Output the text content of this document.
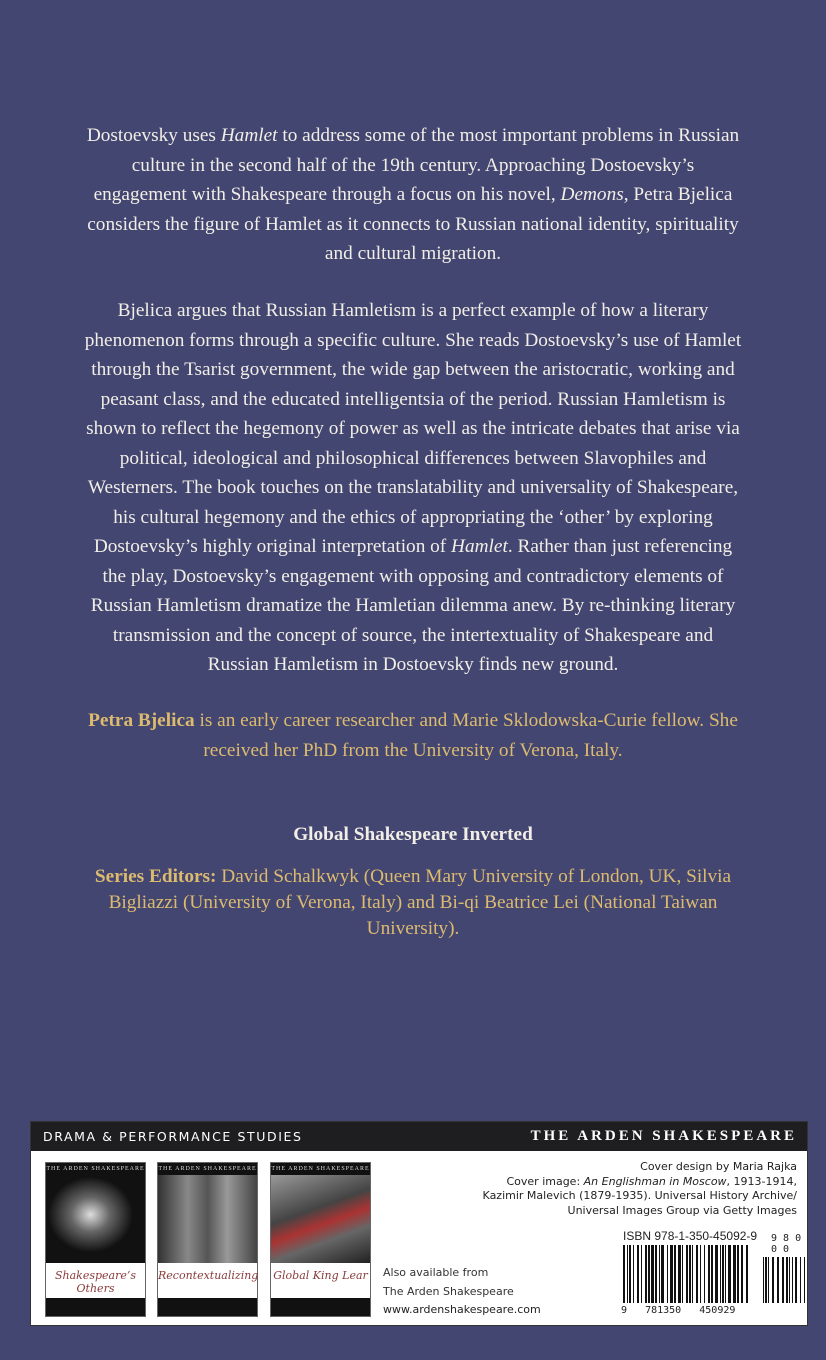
Dostoevsky uses Hamlet to address some of the most important problems in Russian culture in the second half of the 19th century. Approaching Dostoevsky’s engagement with Shakespeare through a focus on his novel, Demons, Petra Bjelica considers the figure of Hamlet as it connects to Russian national identity, spirituality and cultural migration.

Bjelica argues that Russian Hamletism is a perfect example of how a literary phenomenon forms through a specific culture. She reads Dostoevsky’s use of Hamlet through the Tsarist government, the wide gap between the aristocratic, working and peasant class, and the educated intelligentsia of the period. Russian Hamletism is shown to reflect the hegemony of power as well as the intricate debates that arise via political, ideological and philosophical differences between Slavophiles and Westerners. The book touches on the translatability and universality of Shakespeare, his cultural hegemony and the ethics of appropriating the ‘other’ by exploring Dostoevsky’s highly original interpretation of Hamlet. Rather than just referencing the play, Dostoevsky’s engagement with opposing and contradictory elements of Russian Hamletism dramatize the Hamletian dilemma anew. By re-thinking literary transmission and the concept of source, the intertextuality of Shakespeare and Russian Hamletism in Dostoevsky finds new ground.

Petra Bjelica is an early career researcher and Marie Sklodowska-Curie fellow. She received her PhD from the University of Verona, Italy.

Global Shakespeare Inverted

Series Editors: David Schalkwyk (Queen Mary University of London, UK, Silvia Bigliazzi (University of Verona, Italy) and Bi-qi Beatrice Lei (National Taiwan University).

DRAMA & PERFORMANCE STUDIES	THE ARDEN SHAKESPEARE
THE ARDEN SHAKESPEARE
Shakespeare’s Others
THE ARDEN SHAKESPEARE
Recontextualizing
THE ARDEN SHAKESPEARE
Global King Lear Also available from
The Arden Shakespeare
www.ardenshakespeare.com
Cover design by Maria Rajka
Cover image: An Englishman in Moscow, 1913-1914,
Kazimir Malevich (1879-1935). Universal History Archive/
Universal Images Group via Getty Images
ISBN 978-1-350-45092-9
9   781350   450929
9 8 0 0 0
